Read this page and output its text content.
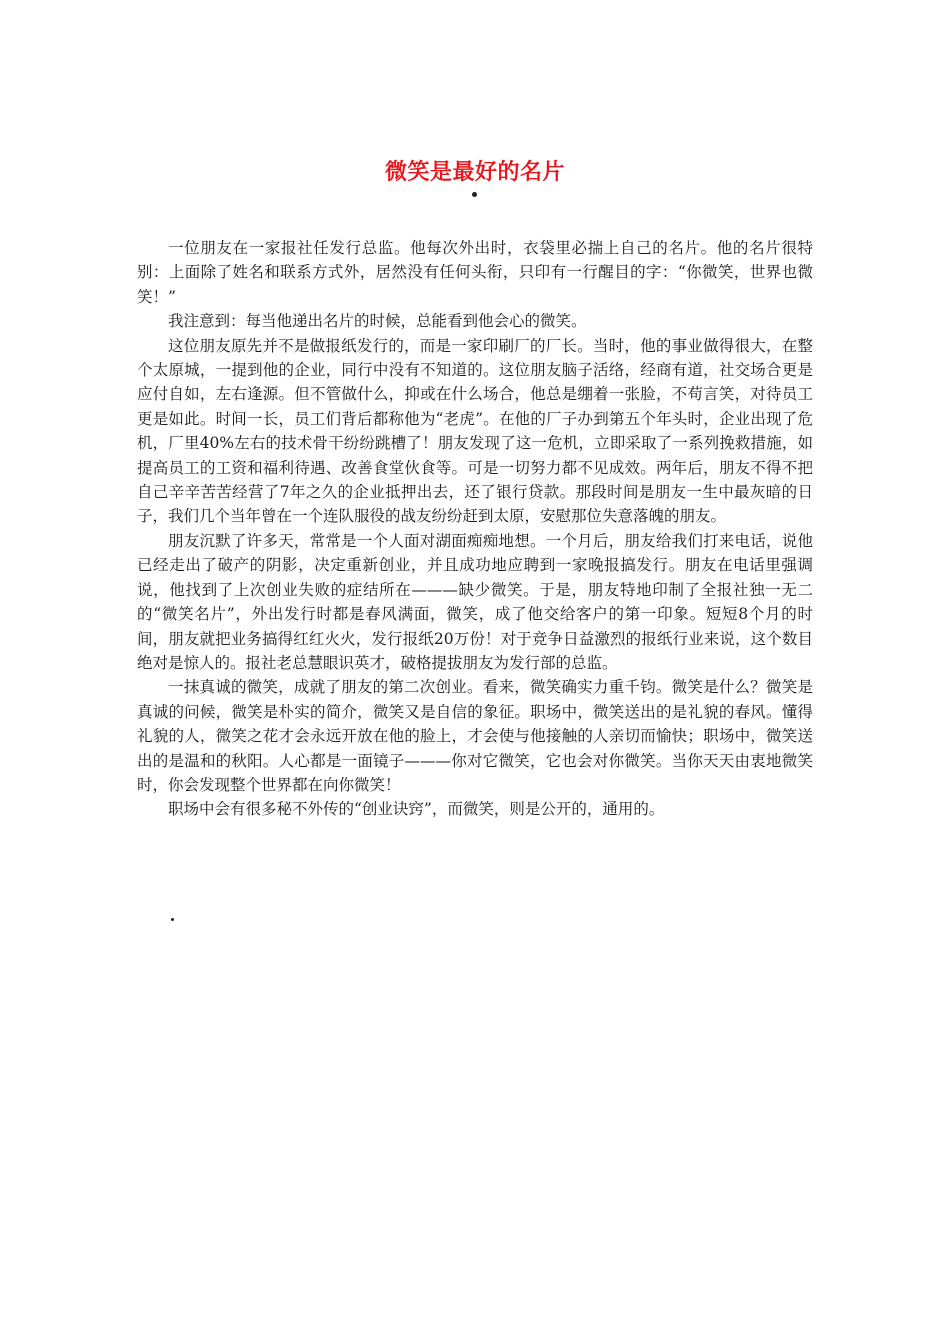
微笑是最好的名片

一位朋友在一家报社任发行总监。他每次外出时，衣袋里必揣上自己的名片。他的名片很特别：上面除了姓名和联系方式外，居然没有任何头衔，只印有一行醒目的字：“你微笑，世界也微笑！”

我注意到：每当他递出名片的时候，总能看到他会心的微笑。

这位朋友原先并不是做报纸发行的，而是一家印刷厂的厂长。当时，他的事业做得很大，在整个太原城，一提到他的企业，同行中没有不知道的。这位朋友脑子活络，经商有道，社交场合更是应付自如，左右逢源。但不管做什么，抑或在什么场合，他总是绷着一张脸，不苟言笑，对待员工更是如此。时间一长，员工们背后都称他为“老虎”。在他的厂子办到第五个年头时，企业出现了危机，厂里40%左右的技术骨干纷纷跳槽了！朋友发现了这一危机，立即采取了一系列挽救措施，如提高员工的工资和福利待遇、改善食堂伙食等。可是一切努力都不见成效。两年后，朋友不得不把自己辛辛苦苦经营了7年之久的企业抵押出去，还了银行贷款。那段时间是朋友一生中最灰暗的日子，我们几个当年曾在一个连队服役的战友纷纷赶到太原，安慰那位失意落魄的朋友。

朋友沉默了许多天，常常是一个人面对湖面痴痴地想。一个月后，朋友给我们打来电话，说他已经走出了破产的阴影，决定重新创业，并且成功地应聘到一家晚报搞发行。朋友在电话里强调说，他找到了上次创业失败的症结所在———缺少微笑。于是，朋友特地印制了全报社独一无二的“微笑名片”，外出发行时都是春风满面，微笑，成了他交给客户的第一印象。短短8个月的时间，朋友就把业务搞得红红火火，发行报纸20万份！对于竞争日益激烈的报纸行业来说，这个数目绝对是惊人的。报社老总慧眼识英才，破格提拔朋友为发行部的总监。

一抹真诚的微笑，成就了朋友的第二次创业。看来，微笑确实力重千钧。微笑是什么？微笑是真诚的问候，微笑是朴实的简介，微笑又是自信的象征。职场中，微笑送出的是礼貌的春风。懂得礼貌的人，微笑之花才会永远开放在他的脸上，才会使与他接触的人亲切而愉快；职场中，微笑送出的是温和的秋阳。人心都是一面镜子———你对它微笑，它也会对你微笑。当你天天由衷地微笑时，你会发现整个世界都在向你微笑！

职场中会有很多秘不外传的“创业诀窍”，而微笑，则是公开的，通用的。
